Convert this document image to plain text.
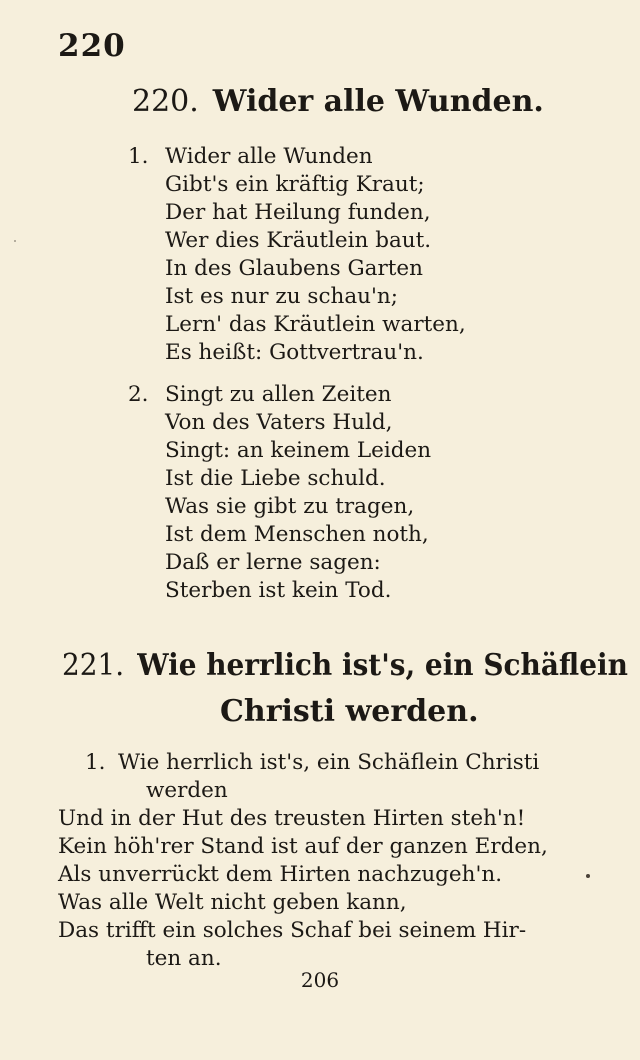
220
220. Wider alle Wunden.
1. Wider alle Wunden
Gibt's ein kräftig Kraut;
Der hat Heilung funden,
Wer dies Kräutlein baut.
In des Glaubens Garten
Ist es nur zu schau'n;
Lern' das Kräutlein warten,
Es heißt: Gottvertrau'n.
2. Singt zu allen Zeiten
Von des Vaters Huld,
Singt: an keinem Leiden
Ist die Liebe schuld.
Was sie gibt zu tragen,
Ist dem Menschen noth,
Daß er lerne sagen:
Sterben ist kein Tod.
221. Wie herrlich ist's, ein Schäflein
Christi werden.
1. Wie herrlich ist's, ein Schäflein Christi
werden
Und in der Hut des treusten Hirten steh'n!
Kein höh'rer Stand ist auf der ganzen Erden,
Als unverrückt dem Hirten nachzugeh'n.
Was alle Welt nicht geben kann,
Das trifft ein solches Schaf bei seinem Hir-
ten an.
206
